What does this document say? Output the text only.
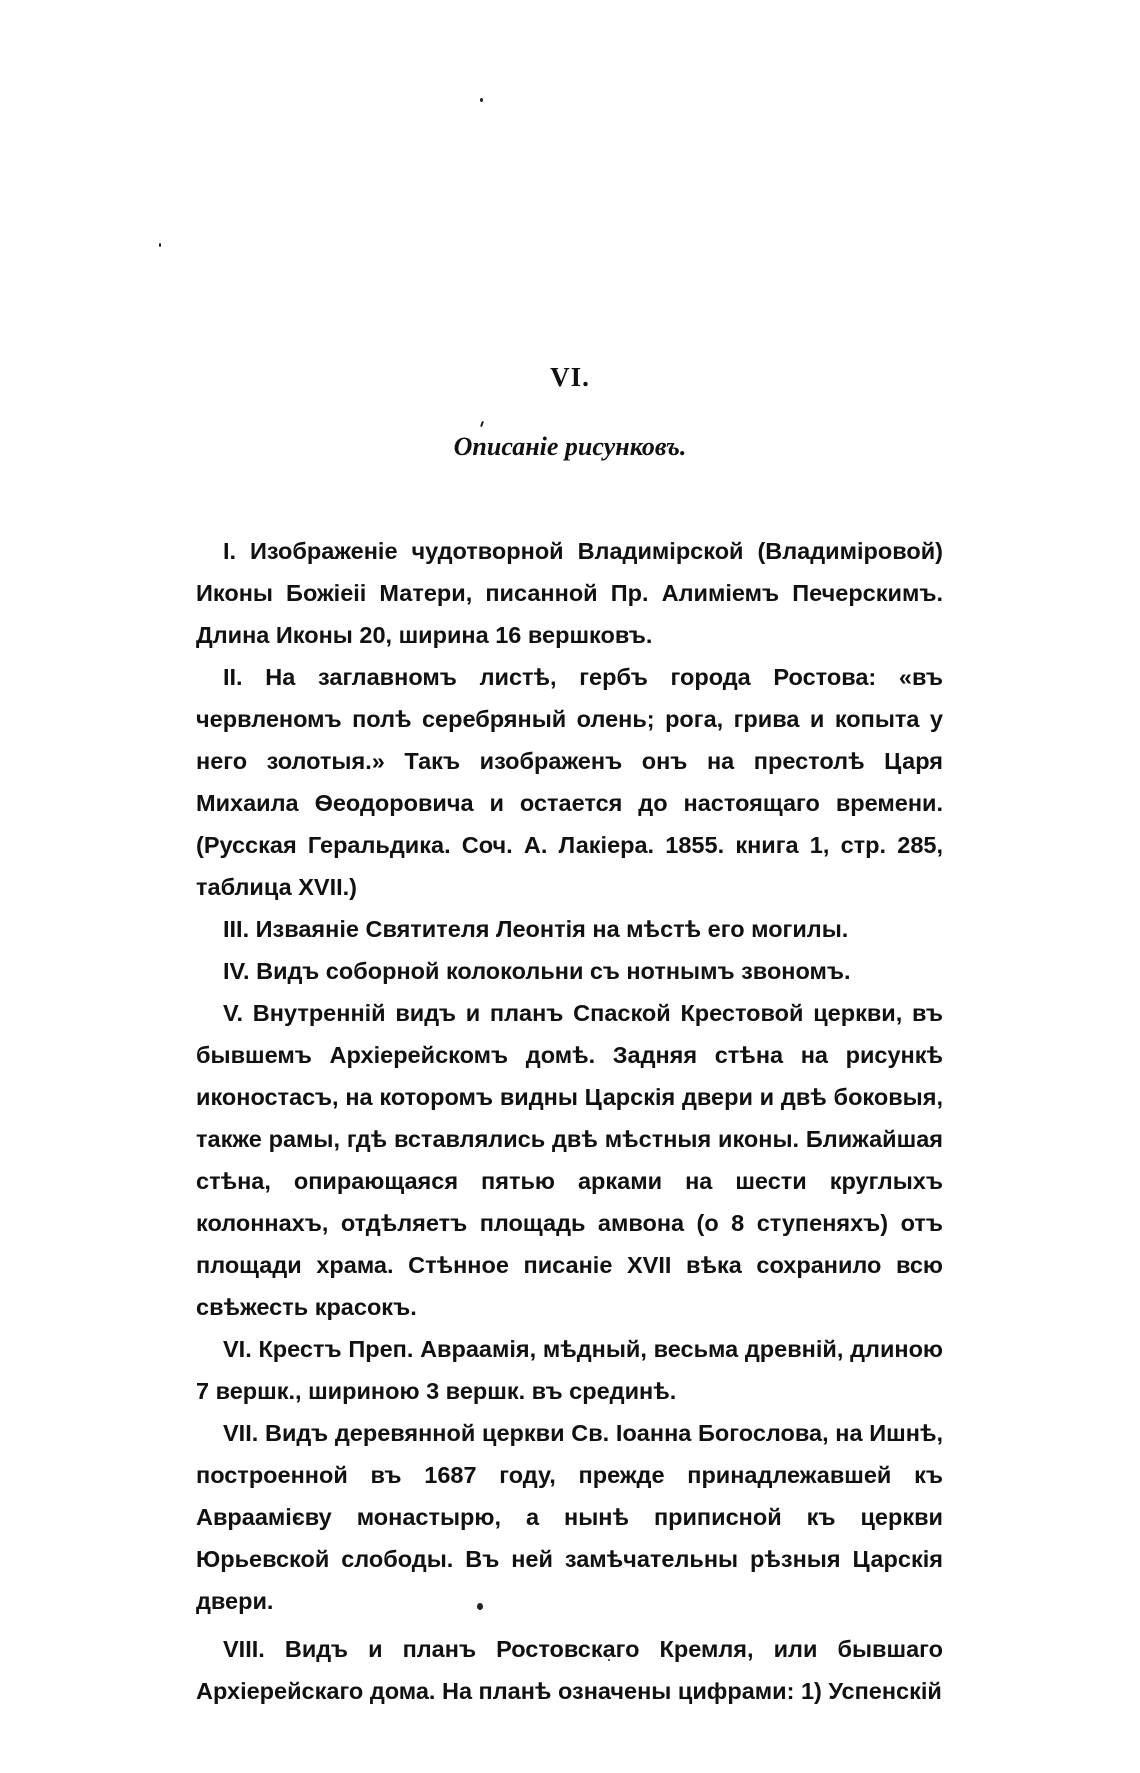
VI.
Описаніе рисунковъ.

I. Изображеніе чудотворной Владимірской (Владиміровой) Иконы Божіеіі Матери, писанной Пр. Алиміемъ Печерскимъ. Длина Иконы 20, ширина 16 вершковъ.

II. На заглавномъ листѣ, гербъ города Ростова: «въ червленомъ полѣ серебряный олень; рога, грива и копыта у него золотыя.» Такъ изображенъ онъ на престолѣ Царя Михаила Ѳеодоровича и остается до настоящаго времени. (Русская Геральдика. Соч. А. Лакіера. 1855. книга 1, стр. 285, таблица XVII.)

III. Изваяніе Святителя Леонтія на мѣстѣ его могилы.

IV. Видъ соборной колокольни съ нотнымъ звономъ.

V. Внутренній видъ и планъ Спаской Крестовой церкви, въ бывшемъ Архіерейскомъ домѣ. Задняя стѣна на рисункѣ иконостасъ, на которомъ видны Царскія двери и двѣ боковыя, также рамы, гдѣ вставлялись двѣ мѣстныя иконы. Ближайшая стѣна, опирающаяся пятью арками на шести круглыхъ колоннахъ, отдѣляетъ площадь амвона (о 8 ступеняхъ) отъ площади храма. Стѣнное писаніе XVII вѣка сохранило всю свѣжесть красокъ.

VI. Крестъ Преп. Авраамія, мѣдный, весьма древній, длиною 7 вершк., шириною 3 вершк. въ срединѣ.

VII. Видъ деревянной церкви Св. Іоанна Богослова, на Ишнѣ, построенной въ 1687 году, прежде принадлежавшей къ Авраамієву монастырю, а нынѣ приписной къ церкви Юрьевской слободы. Въ ней замѣчательны рѣзныя Царскія двери.

VIII. Видъ и планъ Ростовскаго Кремля, или бывшаго Архіерейскаго дома. На планѣ означены цифрами: 1) Успенскій
